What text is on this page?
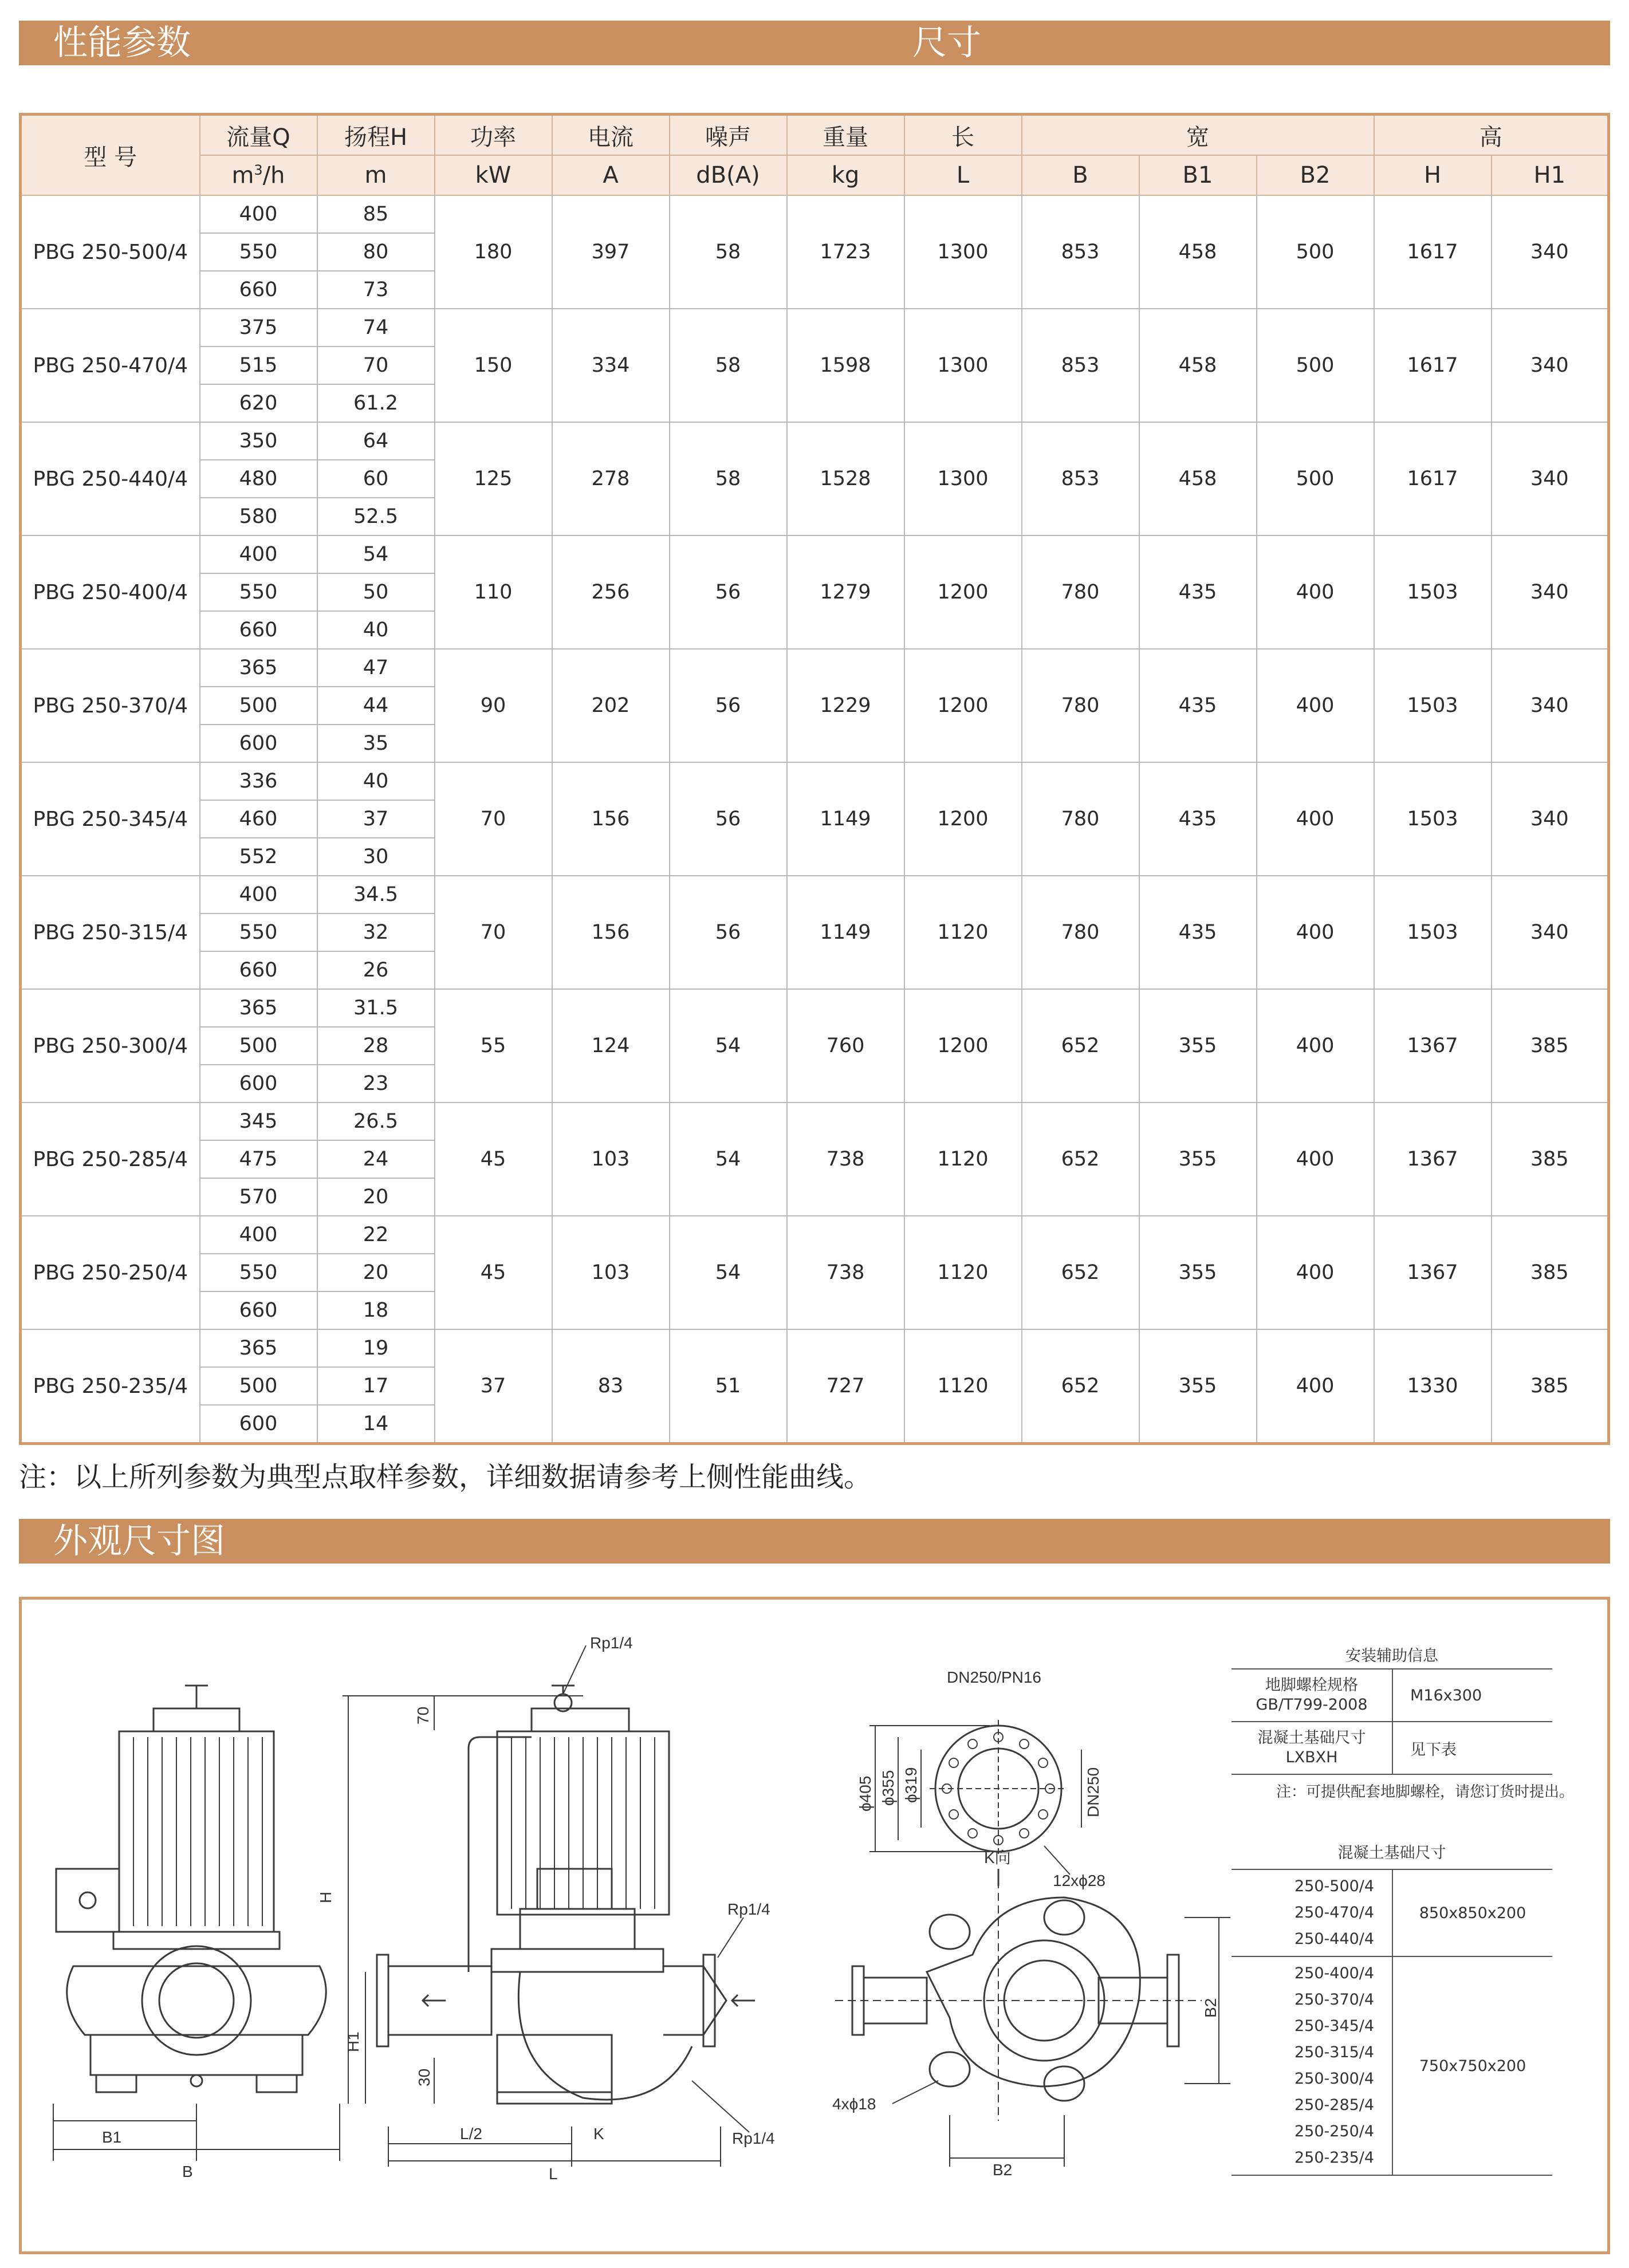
性能参数	尺寸
型 号	流量Q	扬程H	功率	电流	噪声	重量	长	宽			高	
	$m^3/h$	m	kW	A	dB(A)	kg	L	B	B1	B2	H	H1
PBG 250-500/4	400	85	180	397	58	1723	1300	853	458	500	1617	340
	550	80										
	660	73										
PBG 250-470/4	375	74	150	334	58	1598	1300	853	458	500	1617	340
	515	70										
	620	61.2										
PBG 250-440/4	350	64	125	278	58	1528	1300	853	458	500	1617	340
	480	60										
	580	52.5										
PBG 250-400/4	400	54	110	256	56	1279	1200	780	435	400	1503	340
	550	50										
	660	40										
PBG 250-370/4	365	47	90	202	56	1229	1200	780	435	400	1503	340
	500	44										
	600	35										
PBG 250-345/4	336	40	70	156	56	1149	1200	780	435	400	1503	340
	460	37										
	552	30										
PBG 250-315/4	400	34.5	70	156	56	1149	1120	780	435	400	1503	340
	550	32										
	660	26										
PBG 250-300/4	365	31.5	55	124	54	760	1200	652	355	400	1367	385
	500	28										
	600	23										
PBG 250-285/4	345	26.5	45	103	54	738	1120	652	355	400	1367	385
	475	24										
	570	20										
PBG 250-250/4	400	22	45	103	54	738	1120	652	355	400	1367	385
	550	20										
	660	18										
PBG 250-235/4	365	19	37	83	51	727	1120	652	355	400	1330	385
	500	17										
	600	14										
注：以上所列参数为典型点取样参数，详细数据请参考上侧性能曲线。
外观尺寸图
Rp1/4
Rp1/4
Rp1/4
H
H1
70
30
L/2	K
L
B1
B
DN250/PN16
ϕ405 ϕ355 ϕ319	DN250
12xϕ28
K向
B2
4xϕ18
B2
安装辅助信息	

地脚螺栓规格
GB/T799-2008	M16x300

混凝土基础尺寸
LXBXH	见下表
注：可提供配套地脚螺栓，请您订货时提出。
混凝土基础尺寸
250-500/4
250-470/4
250-440/4
850x850x200
250-400/4
250-370/4
250-345/4
250-315/4
250-300/4
250-285/4
250-250/4
250-235/4
750x750x200
